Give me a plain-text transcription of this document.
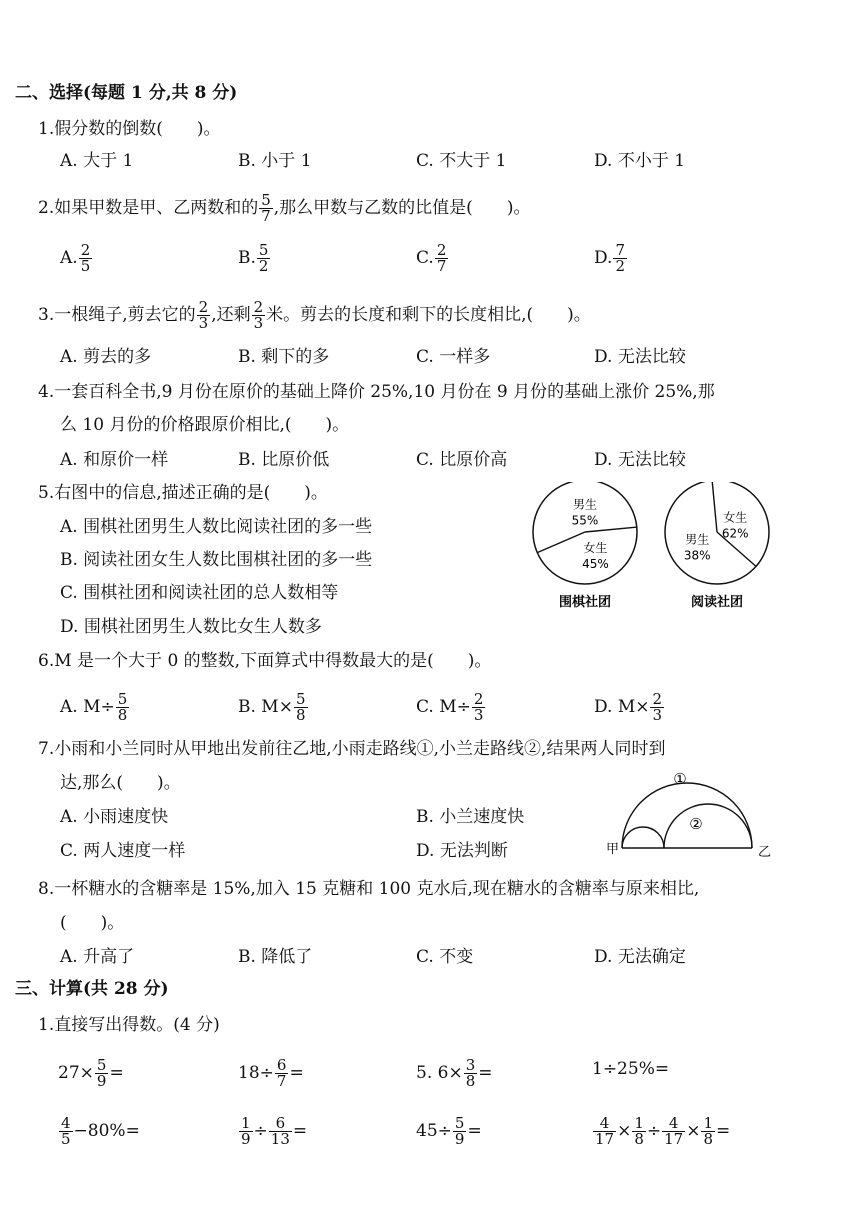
二、选择(每题 1 分,共 8 分)
1.假分数的倒数(　　)。
A. 大于 1	B. 小于 1	C. 不大于 1	D. 不小于 1
2.如果甲数是甲、乙两数和的 $\frac{5}{7}$ ,那么甲数与乙数的比值是(　　)。
A. $\frac{2}{5}$	B. $\frac{5}{2}$	C. $\frac{2}{7}$	D. $\frac{7}{2}$
3.一根绳子,剪去它的 $\frac{2}{3}$ ,还剩 $\frac{2}{3}$ 米。剪去的长度和剩下的长度相比,(　　)。
A. 剪去的多	B. 剩下的多	C. 一样多	D. 无法比较
4.一套百科全书,9 月份在原价的基础上降价 25%,10 月份在 9 月份的基础上涨价 25%,那
么 10 月份的价格跟原价相比,(　　)。
A. 和原价一样	B. 比原价低	C. 比原价高	D. 无法比较
5.右图中的信息,描述正确的是(　　)。
A. 围棋社团男生人数比阅读社团的多一些
B. 阅读社团女生人数比围棋社团的多一些
C. 围棋社团和阅读社团的总人数相等
D. 围棋社团男生人数比女生人数多
男生
55%
女生
45%
围棋社团
女生
62%
男生
38%
阅读社团
6.M 是一个大于 0 的整数,下面算式中得数最大的是(　　)。
A. $M\div \frac{5}{8}$	B. $M\times \frac{5}{8}$	C. $M\div \frac{2}{3}$	D. $M\times \frac{2}{3}$
7.小雨和小兰同时从甲地出发前往乙地,小雨走路线①,小兰走路线②,结果两人同时到
达,那么(　　)。
A. 小雨速度快	B. 小兰速度快
C. 两人速度一样	D. 无法判断
①
②
甲	乙
8.一杯糖水的含糖率是 15%,加入 15 克糖和 100 克水后,现在糖水的含糖率与原来相比,
(　　)。
A. 升高了	B. 降低了	C. 不变	D. 无法确定
三、计算(共 28 分)
1.直接写出得数。(4 分)
$27\times \frac{5}{9}$ =	$18\div \frac{6}{7}$ =	5. $6\times \frac{3}{8}$ =	1÷25%=
$\frac{4}{5} -80\%=$	$\frac{1}{9} \div \frac{6}{13}$ =	$45\div \frac{5}{9}$ =	$\frac{4}{17} \times \frac{1}{8} \div \frac{4}{17} \times \frac{1}{8}$ =
